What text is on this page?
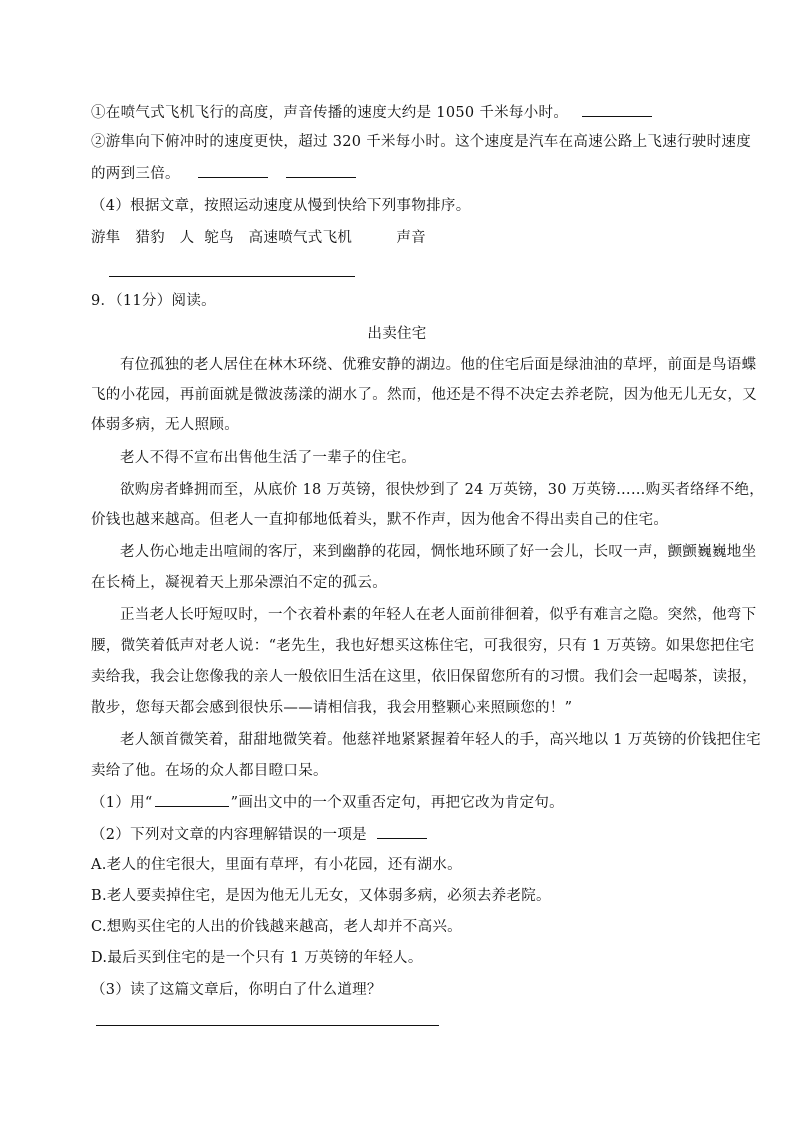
①在喷气式飞机飞行的高度，声音传播的速度大约是 1050 千米每小时。
②游隼向下俯冲时的速度更快，超过 320 千米每小时。这个速度是汽车在高速公路上飞速行驶时速度
的两到三倍。
（4）根据文章，按照运动速度从慢到快给下列事物排序。
游隼   猎豹   人  鸵鸟   高速喷气式飞机         声音
9．（11分）阅读。
出卖住宅
有位孤独的老人居住在林木环绕、优雅安静的湖边。他的住宅后面是绿油油的草坪，前面是鸟语蝶
飞的小花园，再前面就是微波荡漾的湖水了。然而，他还是不得不决定去养老院，因为他无儿无女，又
体弱多病，无人照顾。
老人不得不宣布出售他生活了一辈子的住宅。
欲购房者蜂拥而至，从底价 18 万英镑，很快炒到了 24 万英镑，30 万英镑……购买者络绎不绝，
价钱也越来越高。但老人一直抑郁地低着头，默不作声，因为他舍不得出卖自己的住宅。
老人伤心地走出喧闹的客厅，来到幽静的花园，惆怅地环顾了好一会儿，长叹一声，颤颤巍巍地坐
在长椅上，凝视着天上那朵漂泊不定的孤云。
正当老人长吁短叹时，一个衣着朴素的年轻人在老人面前徘徊着，似乎有难言之隐。突然，他弯下
腰，微笑着低声对老人说：“老先生，我也好想买这栋住宅，可我很穷，只有 1 万英镑。如果您把住宅
卖给我，我会让您像我的亲人一般依旧生活在这里，依旧保留您所有的习惯。我们会一起喝茶，读报，
散步，您每天都会感到很快乐——请相信我，我会用整颗心来照顾您的！”
老人颔首微笑着，甜甜地微笑着。他慈祥地紧紧握着年轻人的手，高兴地以 1 万英镑的价钱把住宅
卖给了他。在场的众人都目瞪口呆。
（1）用“	”画出文中的一个双重否定句，再把它改为肯定句。
（2）下列对文章的内容理解错误的一项是
A.老人的住宅很大，里面有草坪，有小花园，还有湖水。
B.老人要卖掉住宅，是因为他无儿无女，又体弱多病，必须去养老院。
C.想购买住宅的人出的价钱越来越高，老人却并不高兴。
D.最后买到住宅的是一个只有 1 万英镑的年轻人。
（3）读了这篇文章后，你明白了什么道理？
